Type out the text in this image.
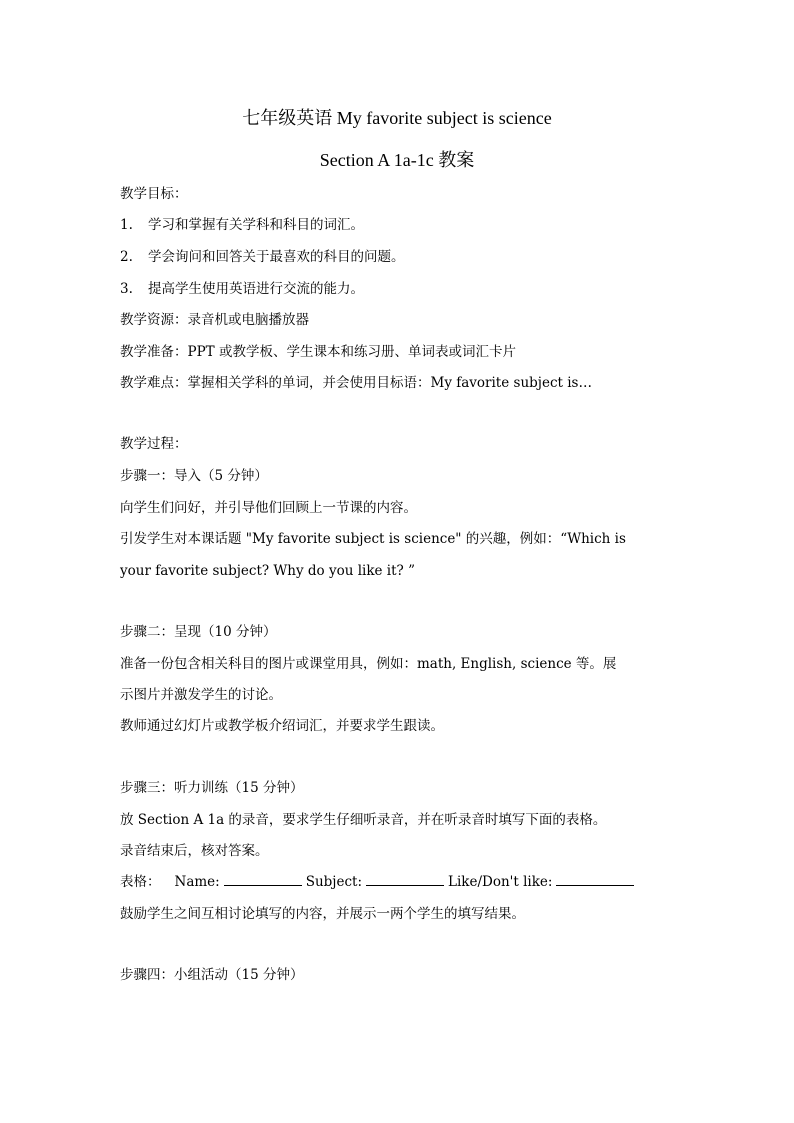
七年级英语 My favorite subject is science
Section A 1a-1c 教案
教学目标：
1. 学习和掌握有关学科和科目的词汇。
2. 学会询问和回答关于最喜欢的科目的问题。
3. 提高学生使用英语进行交流的能力。
教学资源：录音机或电脑播放器
教学准备：PPT 或教学板、学生课本和练习册、单词表或词汇卡片
教学难点：掌握相关学科的单词，并会使用目标语：My favorite subject is…
教学过程：
步骤一：导入（5 分钟）
向学生们问好，并引导他们回顾上一节课的内容。
引发学生对本课话题 "My favorite subject is science" 的兴趣，例如：“Which is
your favorite subject? Why do you like it? ”
步骤二：呈现（10 分钟）
准备一份包含相关科目的图片或课堂用具，例如：math, English, science 等。展
示图片并激发学生的讨论。
教师通过幻灯片或教学板介绍词汇，并要求学生跟读。
步骤三：听力训练（15 分钟）
放 Section A 1a 的录音，要求学生仔细听录音，并在听录音时填写下面的表格。
录音结束后，核对答案。
表格： Name:	Subject:	Like/Don't like:
鼓励学生之间互相讨论填写的内容，并展示一两个学生的填写结果。
步骤四：小组活动（15 分钟）
